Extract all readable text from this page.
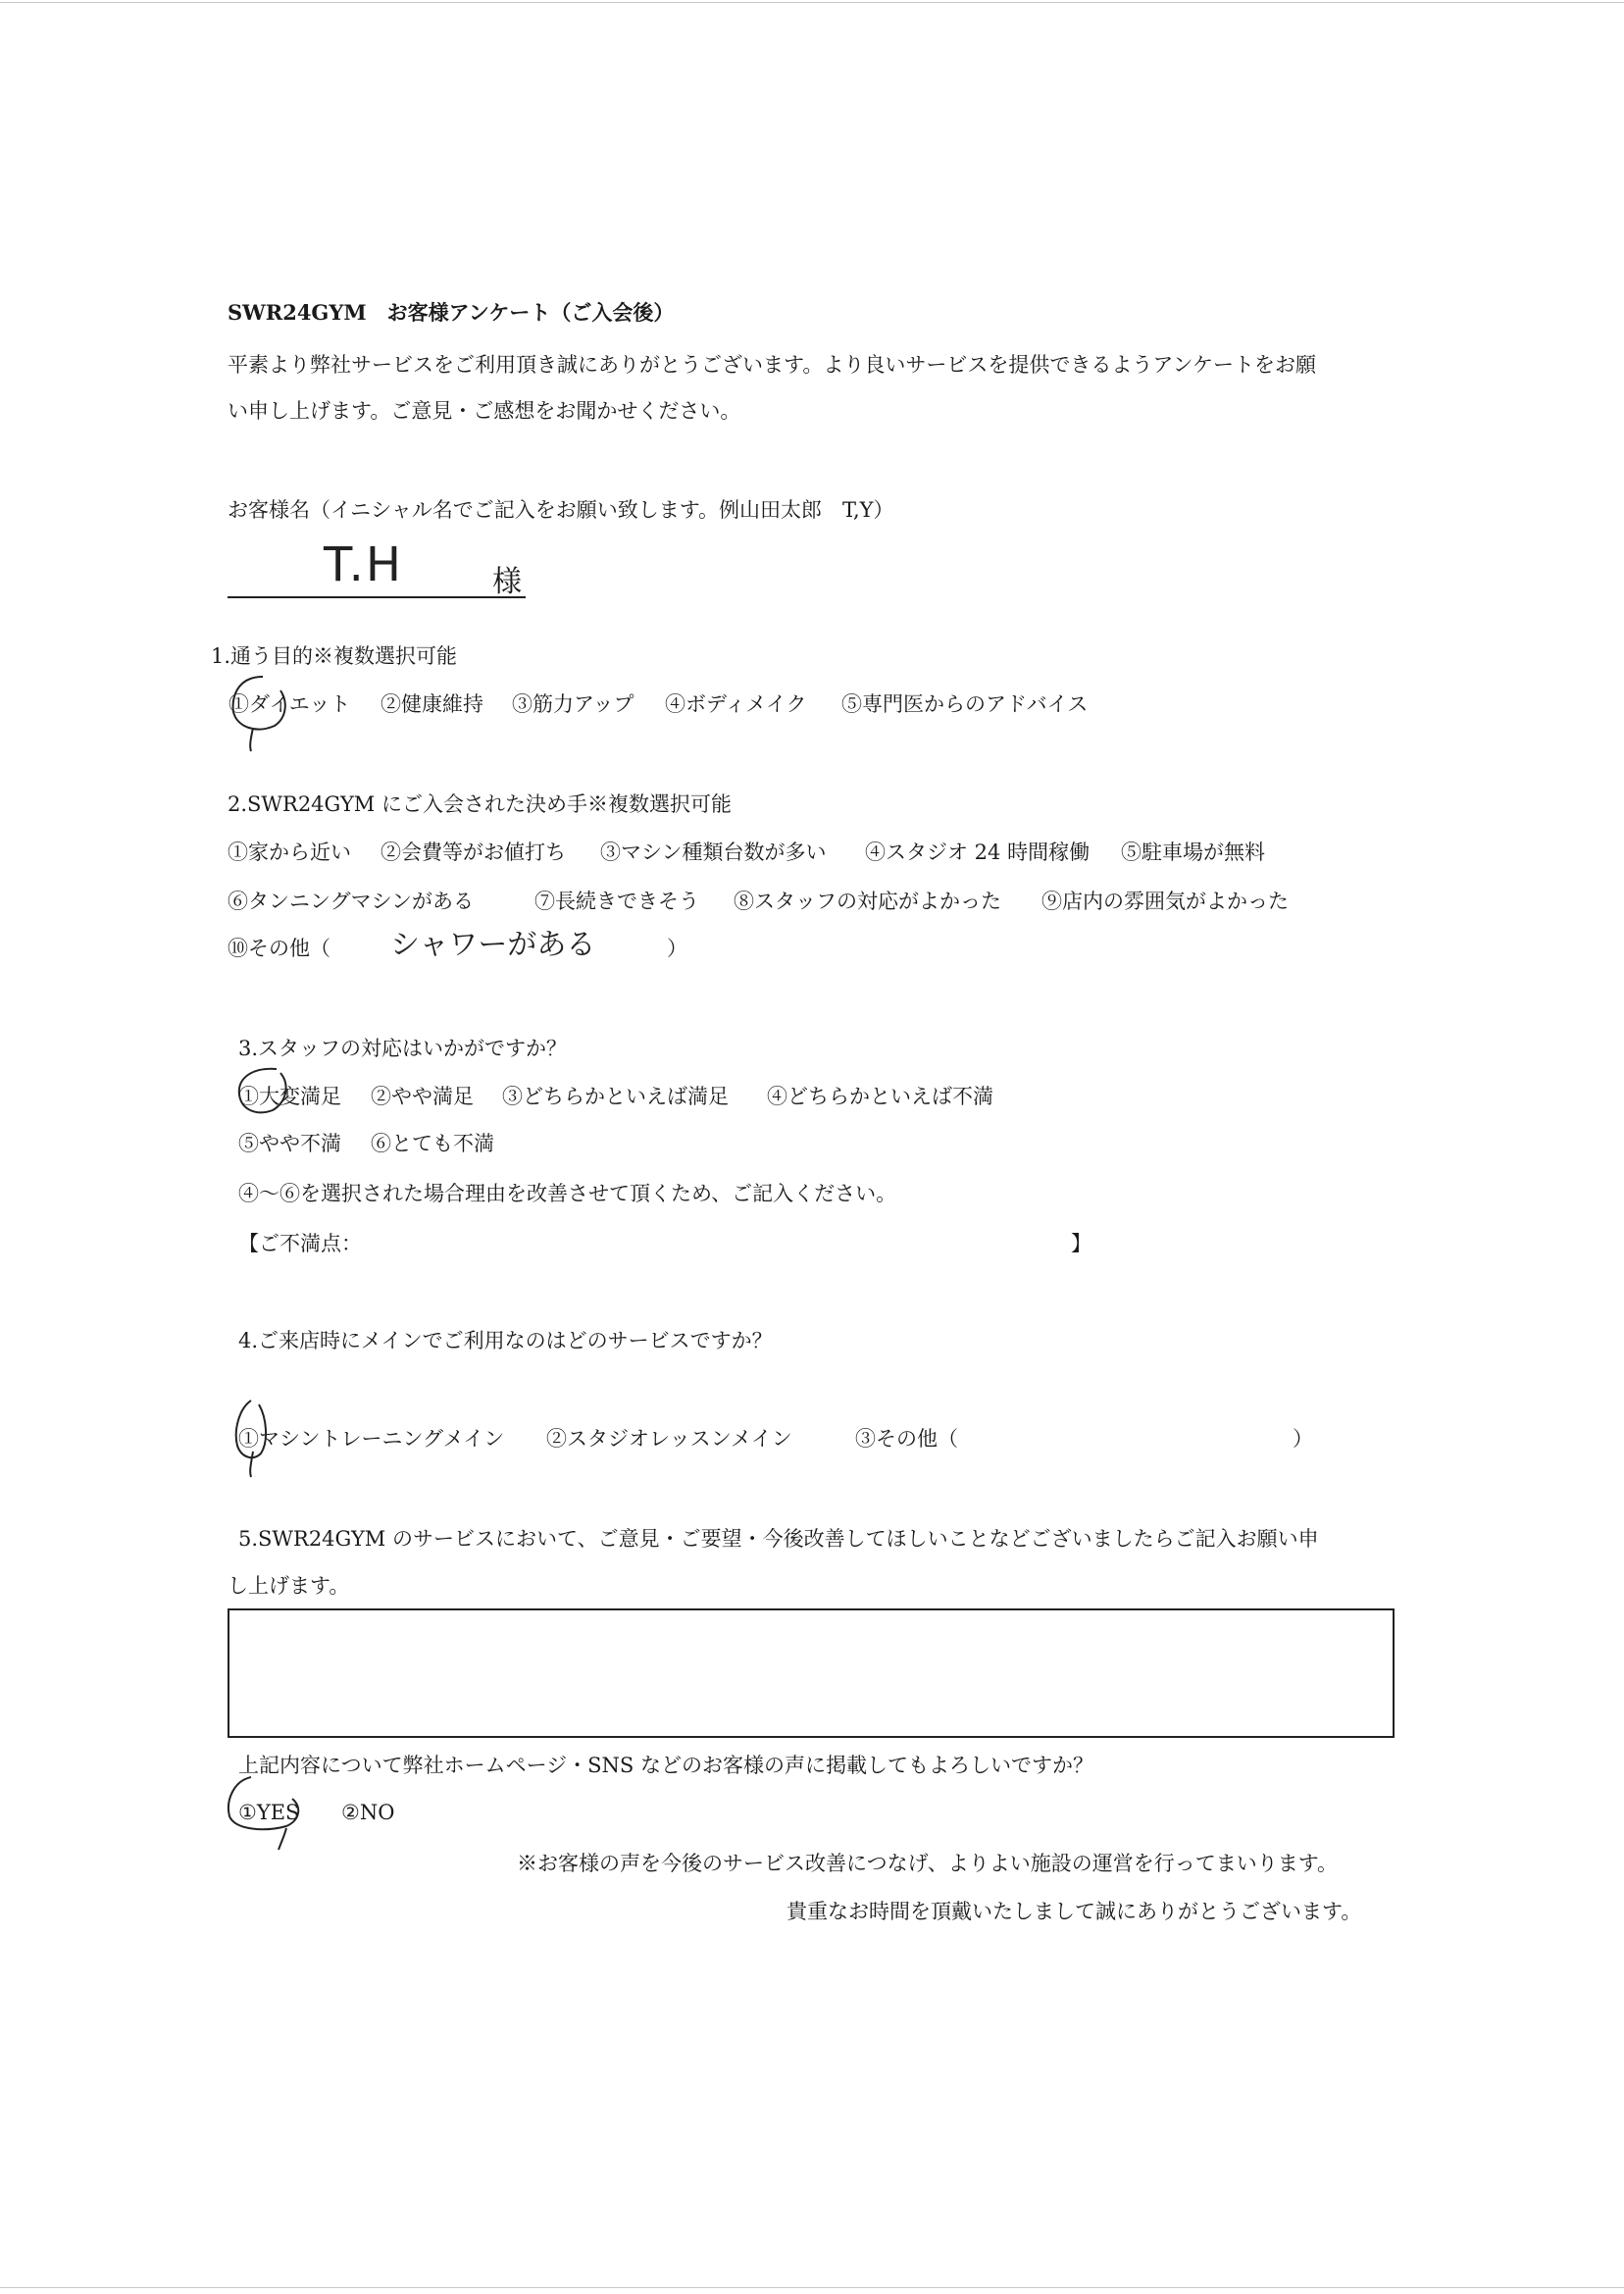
SWR24GYM　お客様アンケート（ご入会後）
平素より弊社サービスをご利用頂き誠にありがとうございます。より良いサービスを提供できるようアンケートをお願
い申し上げます。ご意見・ご感想をお聞かせください。
お客様名（イニシャル名でご記入をお願い致します。例山田太郎　T,Y）
T.H	様
1.通う目的※複数選択可能
①ダイエット ②健康維持 ③筋力アップ ④ボディメイク ⑤専門医からのアドバイス
2.SWR24GYM にご入会された決め手※複数選択可能
①家から近い ②会費等がお値打ち ③マシン種類台数が多い ④スタジオ 24 時間稼働 ⑤駐車場が無料
⑥タンニングマシンがある	⑦長続きできそう ⑧スタッフの対応がよかった ⑨店内の雰囲気がよかった
⑩その他（ シャワーがある	）
3.スタッフの対応はいかがですか？
①大変満足 ②やや満足 ③どちらかといえば満足 ④どちらかといえば不満
⑤やや不満 ⑥とても不満
④～⑥を選択された場合理由を改善させて頂くため、ご記入ください。
【ご不満点：	】
4.ご来店時にメインでご利用なのはどのサービスですか？
①マシントレーニングメイン ②スタジオレッスンメイン	③その他（	）
5.SWR24GYM のサービスにおいて、ご意見・ご要望・今後改善してほしいことなどございましたらご記入お願い申
し上げます。
上記内容について弊社ホームページ・SNS などのお客様の声に掲載してもよろしいですか？
①YES ②NO
※お客様の声を今後のサービス改善につなげ、よりよい施設の運営を行ってまいります。
貴重なお時間を頂戴いたしまして誠にありがとうございます。
